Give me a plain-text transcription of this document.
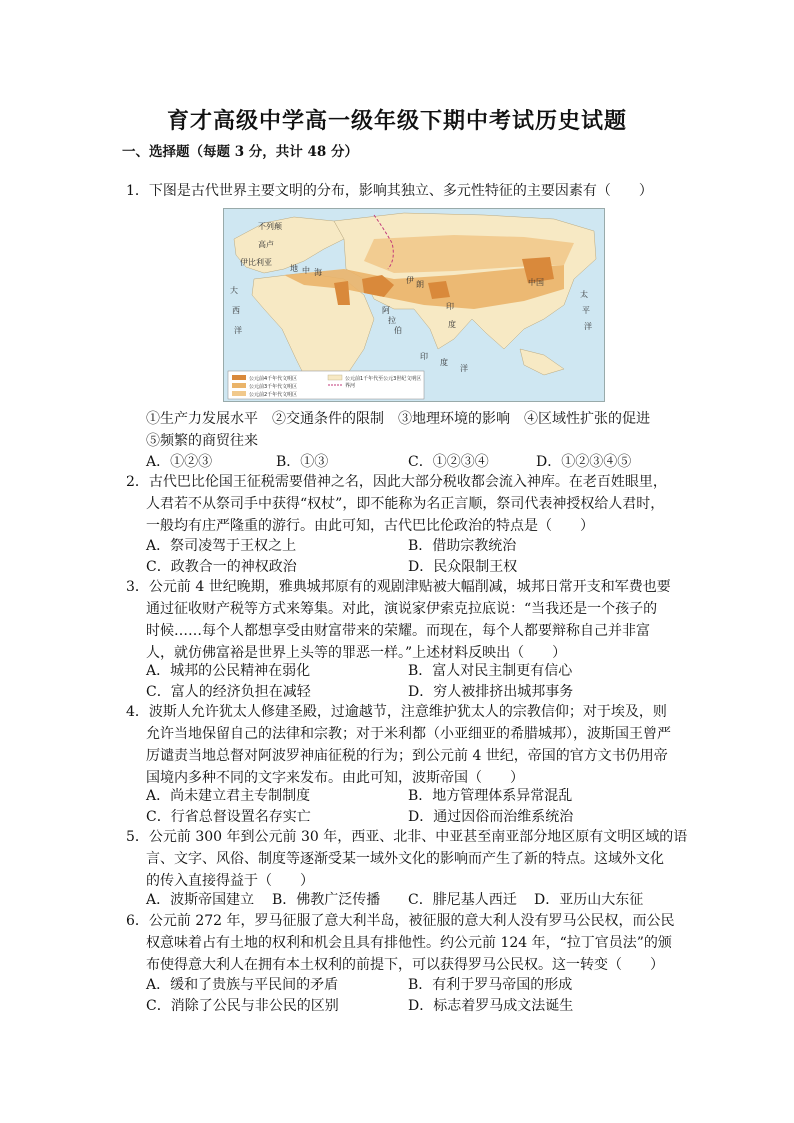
育才高级中学高一级年级下期中考试历史试题
一、选择题（每题 3 分，共计 48 分）
1．下图是古代世界主要文明的分布，影响其独立、多元性特征的主要因素有（　　）
不列颠
高卢
伊比利亚
中国
印
度
阿
拉
伯
伊 朗
太
平
洋
大
西
洋
印
度
洋
地 中 海
公元前4千年代文明区
公元前3千年代文明区
公元前2千年代文明区
公元前1千年代至公元3世纪文明区
界河
①生产力发展水平　②交通条件的限制　③地理环境的影响　④区域性扩张的促进
⑤频繁的商贸往来
A．①②③	B．①③	C．①②③④	D．①②③④⑤
2．古代巴比伦国王征税需要借神之名，因此大部分税收都会流入神库。在老百姓眼里，
人君若不从祭司手中获得“权杖”，即不能称为名正言顺，祭司代表神授权给人君时，
一般均有庄严隆重的游行。由此可知，古代巴比伦政治的特点是（　　）
A．祭司凌驾于王权之上	B．借助宗教统治
C．政教合一的神权政治	D．民众限制王权
3．公元前 4 世纪晚期，雅典城邦原有的观剧津贴被大幅削减，城邦日常开支和军费也要
通过征收财产税等方式来筹集。对此，演说家伊索克拉底说：“当我还是一个孩子的
时候……每个人都想享受由财富带来的荣耀。而现在，每个人都要辩称自己并非富
人，就仿佛富裕是世界上头等的罪恶一样。”上述材料反映出（　　）
A．城邦的公民精神在弱化	B．富人对民主制更有信心
C．富人的经济负担在减轻	D．穷人被排挤出城邦事务
4．波斯人允许犹太人修建圣殿，过逾越节，注意维护犹太人的宗教信仰；对于埃及，则
允许当地保留自己的法律和宗教；对于米利都（小亚细亚的希腊城邦），波斯国王曾严
厉谴责当地总督对阿波罗神庙征税的行为；到公元前 4 世纪，帝国的官方文书仍用帝
国境内多种不同的文字来发布。由此可知，波斯帝国（　　）
A．尚未建立君主专制制度	B．地方管理体系异常混乱
C．行省总督设置名存实亡	D．通过因俗而治维系统治
5．公元前 300 年到公元前 30 年，西亚、北非、中亚甚至南亚部分地区原有文明区域的语
言、文字、风俗、制度等逐渐受某一域外文化的影响而产生了新的特点。这域外文化
的传入直接得益于（　　）
A．波斯帝国建立 B．佛教广泛传播 C．腓尼基人西迁 D．亚历山大东征
6．公元前 272 年，罗马征服了意大利半岛，被征服的意大利人没有罗马公民权，而公民
权意味着占有土地的权利和机会且具有排他性。约公元前 124 年，“拉丁官员法”的颁
布使得意大利人在拥有本土权利的前提下，可以获得罗马公民权。这一转变（　　）
A．缓和了贵族与平民间的矛盾	B．有利于罗马帝国的形成
C．消除了公民与非公民的区别	D．标志着罗马成文法诞生
